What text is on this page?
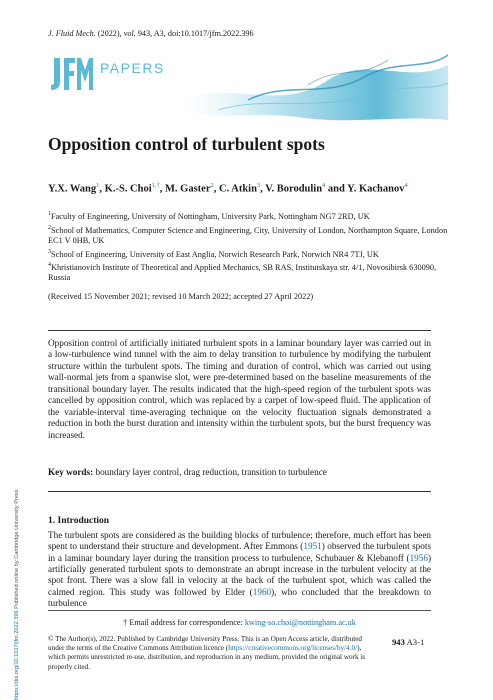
J. Fluid Mech. (2022), vol. 943, A3, doi:10.1017/jfm.2022.396
PAPERS
Opposition control of turbulent spots
Y.X. Wang$^1$, K.-S. Choi$^{1,\dagger}$, M. Gaster$^2$, C. Atkin$^3$, V. Borodulin$^4$ and Y. Kachanov$^4$
$^1$Faculty of Engineering, University of Nottingham, University Park, Nottingham NG7 2RD, UK
$^2$School of Mathematics, Computer Science and Engineering, City, University of London, Northampton Square, London EC1 V 0HB, UK
$^3$School of Engineering, University of East Anglia, Norwich Research Park, Norwich NR4 7TJ, UK
$^4$Khristianovich Institute of Theoretical and Applied Mechanics, SB RAS, Institutskaya str. 4/1, Novosibirsk 630090, Russia
(Received 15 November 2021; revised 10 March 2022; accepted 27 April 2022)
Opposition control of artificially initiated turbulent spots in a laminar boundary layer was carried out in a low-turbulence wind tunnel with the aim to delay transition to turbulence by modifying the turbulent structure within the turbulent spots. The timing and duration of control, which was carried out using wall-normal jets from a spanwise slot, were pre-determined based on the baseline measurements of the transitional boundary layer. The results indicated that the high-speed region of the turbulent spots was cancelled by opposition control, which was replaced by a carpet of low-speed fluid. The application of the variable-interval time-averaging technique on the velocity fluctuation signals demonstrated a reduction in both the burst duration and intensity within the turbulent spots, but the burst frequency was increased.
Key words: boundary layer control, drag reduction, transition to turbulence
1. Introduction
The turbulent spots are considered as the building blocks of turbulence; therefore, much effort has been spent to understand their structure and development. After Emmons (1951) observed the turbulent spots in a laminar boundary layer during the transition process to turbulence, Schubauer & Klebanoff (1956) artificially generated turbulent spots to demonstrate an abrupt increase in the turbulent velocity at the spot front. There was a slow fall in velocity at the back of the turbulent spot, which was called the calmed region. This study was followed by Elder (1960), who concluded that the breakdown to turbulence
† Email address for correspondence: kwing-so.choi@nottingham.ac.uk
© The Author(s), 2022. Published by Cambridge University Press. This is an Open Access article, distributed under the terms of the Creative Commons Attribution licence (https://creativecommons.org/licenses/by/4.0/), which permits unrestricted re-use, distribution, and reproduction in any medium, provided the original work is properly cited.
943 A3-1
https://doi.org/10.1017/jfm.2022.396 Published online by Cambridge University Press
